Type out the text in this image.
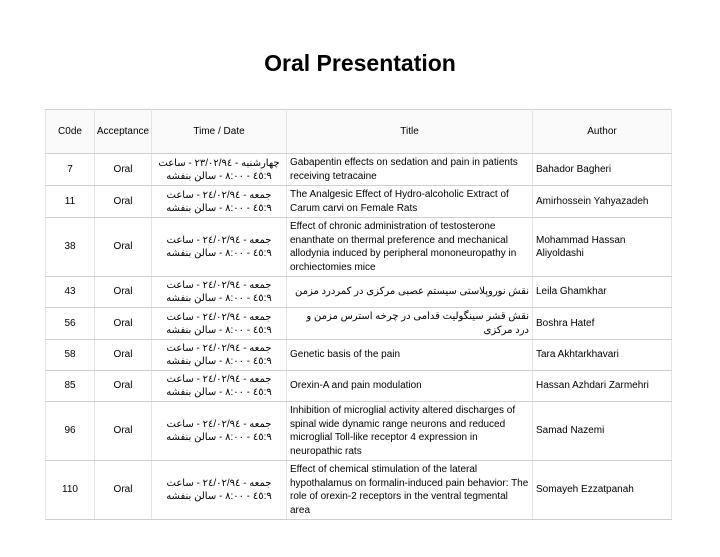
Oral Presentation
C0de	Acceptance	Time / Date	Title	Author
7	Oral	چهارشنبه - ۲۳/۰۲/۹٤ - ساعت
۹:٤٥ - ۸:۰۰ - سالن بنفشه	Gabapentin effects on sedation and pain in patients receiving tetracaine	Bahador Bagheri
11	Oral	جمعه - ۲٤/۰۲/۹٤ - ساعت
۹:٤٥ - ۸:۰۰ - سالن بنفشه	The Analgesic Effect of Hydro-alcoholic Extract of Carum carvi on Female Rats	Amirhossein Yahyazadeh
38	Oral	جمعه - ۲٤/۰۲/۹٤ - ساعت
۹:٤٥ - ۸:۰۰ - سالن بنفشه	Effect of chronic administration of testosterone enanthate on thermal preference and mechanical allodynia induced by peripheral mononeuropathy in orchiectomies mice	Mohammad Hassan Aliyoldashi
43	Oral	جمعه - ۲٤/۰۲/۹٤ - ساعت
۹:٤٥ - ۸:۰۰ - سالن بنفشه	نقش نوروپلاستی سیستم عصبی مرکزی در کمردرد مزمن	Leila Ghamkhar
56	Oral	جمعه - ۲٤/۰۲/۹٤ - ساعت
۹:٤٥ - ۸:۰۰ - سالن بنفشه	نقش قشر سینگولیت قدامی در چرخه استرس مزمن و درد مرکزی	Boshra Hatef
58	Oral	جمعه - ۲٤/۰۲/۹٤ - ساعت
۹:٤٥ - ۸:۰۰ - سالن بنفشه	Genetic basis of the pain	Tara Akhtarkhavari
85	Oral	جمعه - ۲٤/۰۲/۹٤ - ساعت
۹:٤٥ - ۸:۰۰ - سالن بنفشه	Orexin-A and pain modulation	Hassan Azhdari Zarmehri
96	Oral	جمعه - ۲٤/۰۲/۹٤ - ساعت
۹:٤٥ - ۸:۰۰ - سالن بنفشه	Inhibition of microglial activity altered discharges of spinal wide dynamic range neurons and reduced microglial Toll-like receptor 4 expression in neuropathic rats	Samad Nazemi
110	Oral	جمعه - ۲٤/۰۲/۹٤ - ساعت
۹:٤٥ - ۸:۰۰ - سالن بنفشه	Effect of chemical stimulation of the lateral hypothalamus on formalin-induced pain behavior: The role of orexin-2 receptors in the ventral tegmental area	Somayeh Ezzatpanah
